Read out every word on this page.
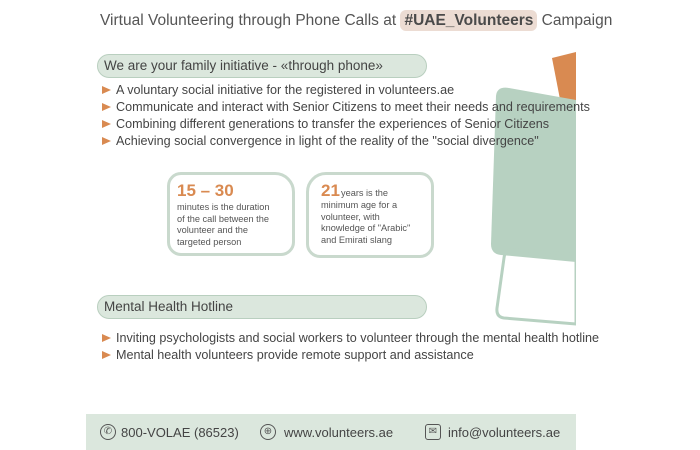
Virtual Volunteering through Phone Calls at #UAE_Volunteers Campaign
We are your family initiative - «through phone»
A voluntary social initiative for the registered in volunteers.ae
Communicate and interact with Senior Citizens to meet their needs and requirements
Combining different generations to transfer the experiences of Senior Citizens
Achieving social convergence in light of the reality of the "social divergence"
15 – 30
minutes is the duration
of the call between the
volunteer and the
targeted person
21 years is the
minimum age for a
volunteer, with
knowledge of "Arabic"
and Emirati slang
Mental Health Hotline
Inviting psychologists and social workers to volunteer through the mental health hotline
Mental health volunteers provide remote support and assistance
✆ 800-VOLAE (86523)	⊕ www.volunteers.ae	✉ info@volunteers.ae
